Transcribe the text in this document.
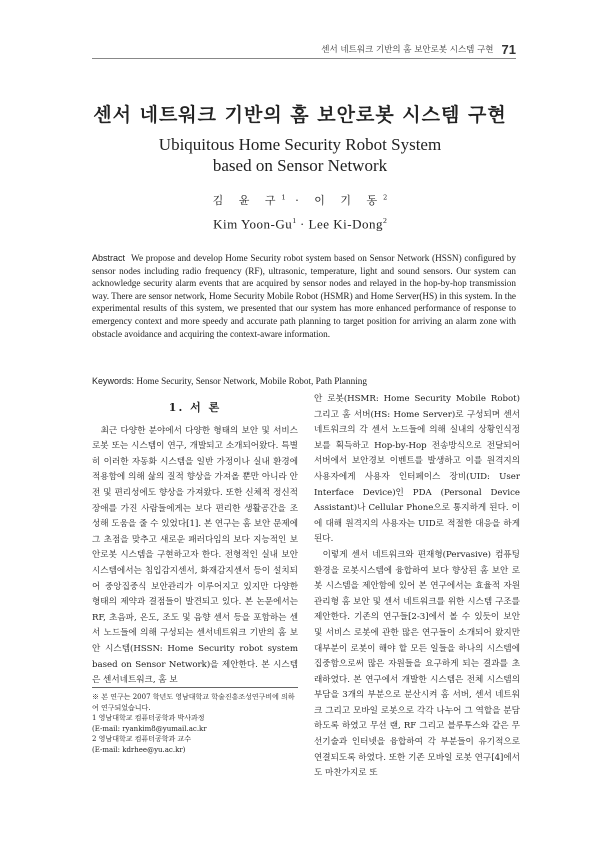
센서 네트워크 기반의 홈 보안로봇 시스템 구현 71
센서 네트워크 기반의 홈 보안로봇 시스템 구현
Ubiquitous Home Security Robot System
based on Sensor Network
김 윤 구$^1$ · 이 기 동$^2$
Kim Yoon-$Gu^1$ · Lee Ki-Dong$^2$
Abstract We propose and develop Home Security robot system based on Sensor Network (HSSN) configured by sensor nodes including radio frequency (RF), ultrasonic, temperature, light and sound sensors. Our system can acknowledge security alarm events that are acquired by sensor nodes and relayed in the hop-by-hop transmission way. There are sensor network, Home Security Mobile Robot (HSMR) and Home Server(HS) in this system. In the experimental results of this system, we presented that our system has more enhanced performance of response to emergency context and more speedy and accurate path planning to target position for arriving an alarm zone with obstacle avoidance and acquiring the context-aware information.
Keywords: Home Security, Sensor Network, Mobile Robot, Path Planning
1. 서 론

최근 다양한 분야에서 다양한 형태의 보안 및 서비스 로봇 또는 시스템이 연구, 개발되고 소개되어왔다. 특별히 이러한 자동화 시스템을 일반 가정이나 실내 환경에 적용함에 의해 삶의 질적 향상을 가져올 뿐만 아니라 안전 및 편리성에도 향상을 가져왔다. 또한 신체적 정신적 장애를 가진 사람들에게는 보다 편리한 생활공간을 조성해 도움을 줄 수 있었다[1]. 본 연구는 홈 보안 문제에 그 초점을 맞추고 새로운 패러다임의 보다 지능적인 보안로봇 시스템을 구현하고자 한다. 전형적인 실내 보안 시스템에서는 침입감지센서, 화재감지센서 등이 설치되어 중앙집중식 보안관리가 이루어지고 있지만 다양한 형태의 제약과 결점들이 발견되고 있다. 본 논문에서는 RF, 초음파, 온도, 조도 및 음향 센서 등을 포함하는 센서 노드들에 의해 구성되는 센서네트워크 기반의 홈 보안 시스템(HSSN: Home Security robot system based on Sensor Network)을 제안한다. 본 시스템은 센서네트워크, 홈 보

안 로봇(HSMR: Home Security Mobile Robot) 그리고 홈 서버(HS: Home Server)로 구성되며 센서네트워크의 각 센서 노드들에 의해 실내의 상황인식정보를 획득하고 Hop-by-Hop 전송방식으로 전달되어 서버에서 보안경보 이벤트를 발생하고 이를 원격지의 사용자에게 사용자 인터페이스 장비(UID: User Interface Device)인 PDA (Personal Device Assistant)나 Cellular Phone으로 통지하게 된다. 이에 대해 원격지의 사용자는 UID로 적절한 대응을 하게 된다.

이렇게 센서 네트워크와 편재형(Pervasive) 컴퓨팅환경을 로봇시스템에 융합하여 보다 향상된 홈 보안 로봇 시스템을 제안함에 있어 본 연구에서는 효율적 자원 관리형 홈 보안 및 센서 네트워크를 위한 시스템 구조를 제안한다. 기존의 연구들[2-3]에서 볼 수 있듯이 보안 및 서비스 로봇에 관한 많은 연구들이 소개되어 왔지만 대부분이 로봇이 해야 할 모든 일들을 하나의 시스템에 집중함으로써 많은 자원들을 요구하게 되는 결과를 초래하였다. 본 연구에서 개발한 시스템은 전체 시스템의 부담을 3개의 부분으로 분산시켜 홈 서버, 센서 네트워크 그리고 모바일 로봇으로 각각 나누어 그 역할을 분담하도록 하였고 무선 랜, RF 그리고 블루투스와 같은 무선기술과 인터넷을 융합하여 각 부분들이 유기적으로 연결되도록 하였다. 또한 기존 모바일 로봇 연구[4]에서도 마찬가지로 또

※ 본 연구는 2007 학년도 영남대학교 학술진흥조성연구비에 의하여 연구되었습니다.
1 영남대학교 컴퓨터공학과 박사과정
(E-mail: ryankim8@yumail.ac.kr
2 영남대학교 컴퓨터공학과 교수
(E-mail: kdrhee@yu.ac.kr)
